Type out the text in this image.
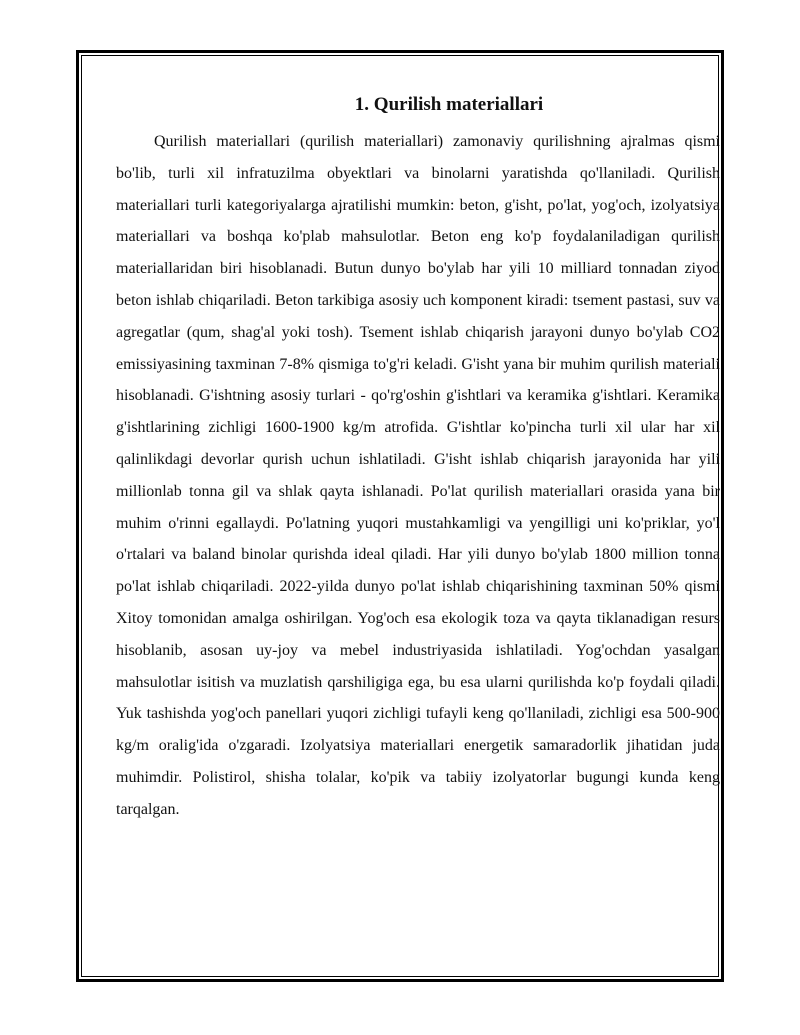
1. Qurilish materiallari

Qurilish materiallari (qurilish materiallari) zamonaviy qurilishning ajralmas qismi bo'lib, turli xil infratuzilma obyektlari va binolarni yaratishda qo'llaniladi. Qurilish materiallari turli kategoriyalarga ajratilishi mumkin: beton, g'isht, po'lat, yog'och, izolyatsiya materiallari va boshqa ko'plab mahsulotlar. Beton eng ko'p foydalaniladigan qurilish materiallaridan biri hisoblanadi. Butun dunyo bo'ylab har yili 10 milliard tonnadan ziyod beton ishlab chiqariladi. Beton tarkibiga asosiy uch komponent kiradi: tsement pastasi, suv va agregatlar (qum, shag'al yoki tosh). Tsement ishlab chiqarish jarayoni dunyo bo'ylab CO2 emissiyasining taxminan 7-8% qismiga to'g'ri keladi. G'isht yana bir muhim qurilish materiali hisoblanadi. G'ishtning asosiy turlari - qo'rg'oshin g'ishtlari va keramika g'ishtlari. Keramika g'ishtlarining zichligi 1600-1900 kg/m atrofida. G'ishtlar ko'pincha turli xil ular har xil qalinlikdagi devorlar qurish uchun ishlatiladi. G'isht ishlab chiqarish jarayonida har yili millionlab tonna gil va shlak qayta ishlanadi. Po'lat qurilish materiallari orasida yana bir muhim o'rinni egallaydi. Po'latning yuqori mustahkamligi va yengilligi uni ko'priklar, yo'l o'rtalari va baland binolar qurishda ideal qiladi. Har yili dunyo bo'ylab 1800 million tonna po'lat ishlab chiqariladi. 2022-yilda dunyo po'lat ishlab chiqarishining taxminan 50% qismi Xitoy tomonidan amalga oshirilgan. Yog'och esa ekologik toza va qayta tiklanadigan resurs hisoblanib, asosan uy-joy va mebel industriyasida ishlatiladi. Yog'ochdan yasalgan mahsulotlar isitish va muzlatish qarshiligiga ega, bu esa ularni qurilishda ko'p foydali qiladi. Yuk tashishda yog'och panellari yuqori zichligi tufayli keng qo'llaniladi, zichligi esa 500-900 kg/m oralig'ida o'zgaradi. Izolyatsiya materiallari energetik samaradorlik jihatidan juda muhimdir. Polistirol, shisha tolalar, ko'pik va tabiiy izolyatorlar bugungi kunda keng tarqalgan.
